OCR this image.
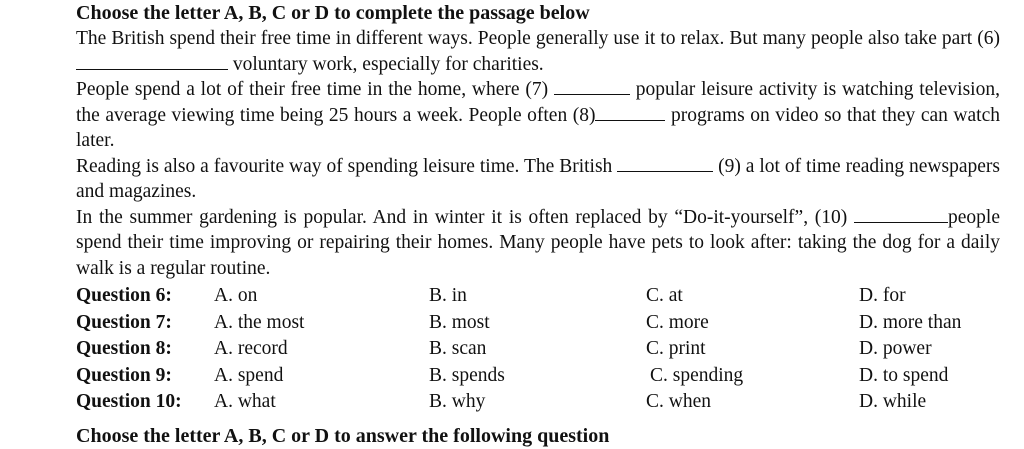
Choose the letter A, B, C or D to complete the passage below

The British spend their free time in different ways. People generally use it to relax. But many people also take part (6)  voluntary work, especially for charities.

People spend a lot of their free time in the home, where (7)	popular leisure activity is watching television, the average viewing time being 25 hours a week. People often (8)	programs on video so that they can watch later.

Reading is also a favourite way of spending leisure time. The British	(9) a lot of time reading newspapers and magazines.

In the summer gardening is popular. And in winter it is often replaced by “Do-it-yourself”, (10)	people spend their time improving or repairing their homes. Many people have pets to look after: taking the dog for a daily walk is a regular routine.

Question 6: A. on	B. in	C. at	D. for
Question 7: A. the most	B. most	C. more	D. more than
Question 8: A. record	B. scan	C. print	D. power
Question 9: A. spend	B. spends	C. spending	D. to spend
Question 10: A. what	B. why	C. when	D. while
Choose the letter A, B, C or D to answer the following question
